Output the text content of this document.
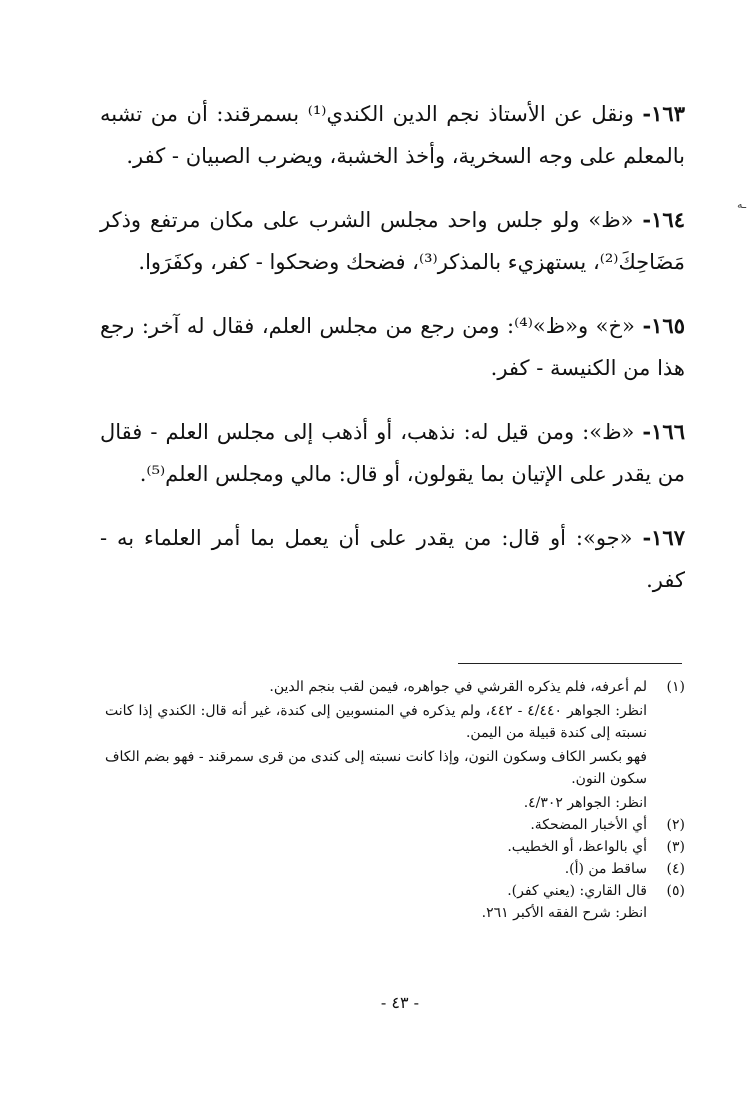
١٦٣- ونقل عن الأستاذ نجم الدين الكندي⁽¹⁾ بسمرقند: أن من تشبه بالمعلم على وجه السخرية، وأخذ الخشبة، ويضرب الصبيان - كفر.

١٦٤- «ظ» ولو جلس واحد مجلس الشرب على مكان مرتفع وذكر مَضَاحِكَ⁽²⁾، يستهزيء بالمذكر⁽³⁾، فضحك وضحكوا - كفر، وكفَرَوا.

١٦٥- «خ» و«ظ»⁽⁴⁾: ومن رجع من مجلس العلم، فقال له آخر: رجع هذا من الكنيسة - كفر.

١٦٦- «ظ»: ومن قيل له: نذهب، أو أذهب إلى مجلس العلم - فقال من يقدر على الإتيان بما يقولون، أو قال: مالي ومجلس العلم⁽⁵⁾.

١٦٧- «جو»: أو قال: من يقدر على أن يعمل بما أمر العلماء به - كفر.

(١)

لم أعرفه، فلم يذكره القرشي في جواهره، فيمن لقب بنجم الدين.

انظر: الجواهر ٤/٤٤٠ - ٤٤٢، ولم يذكره في المنسوبين إلى كندة، غير أنه قال: الكندي إذا كانت نسبته إلى كندة قبيلة من اليمن.

فهو بكسر الكاف وسكون النون، وإذا كانت نسبته إلى كندى من قرى سمرقند - فهو بضم الكاف سكون النون.

انظر: الجواهر ٤/٣٠٢.

(٢)

أي الأخبار المضحكة.

(٣)

أي بالواعظ، أو الخطيب.

(٤)

ساقط من (أ).

(٥)

قال القاري: (يعني كفر).

انظر: شرح الفقه الأكبر ٢٦١.

- ٤٣ -
ـه
